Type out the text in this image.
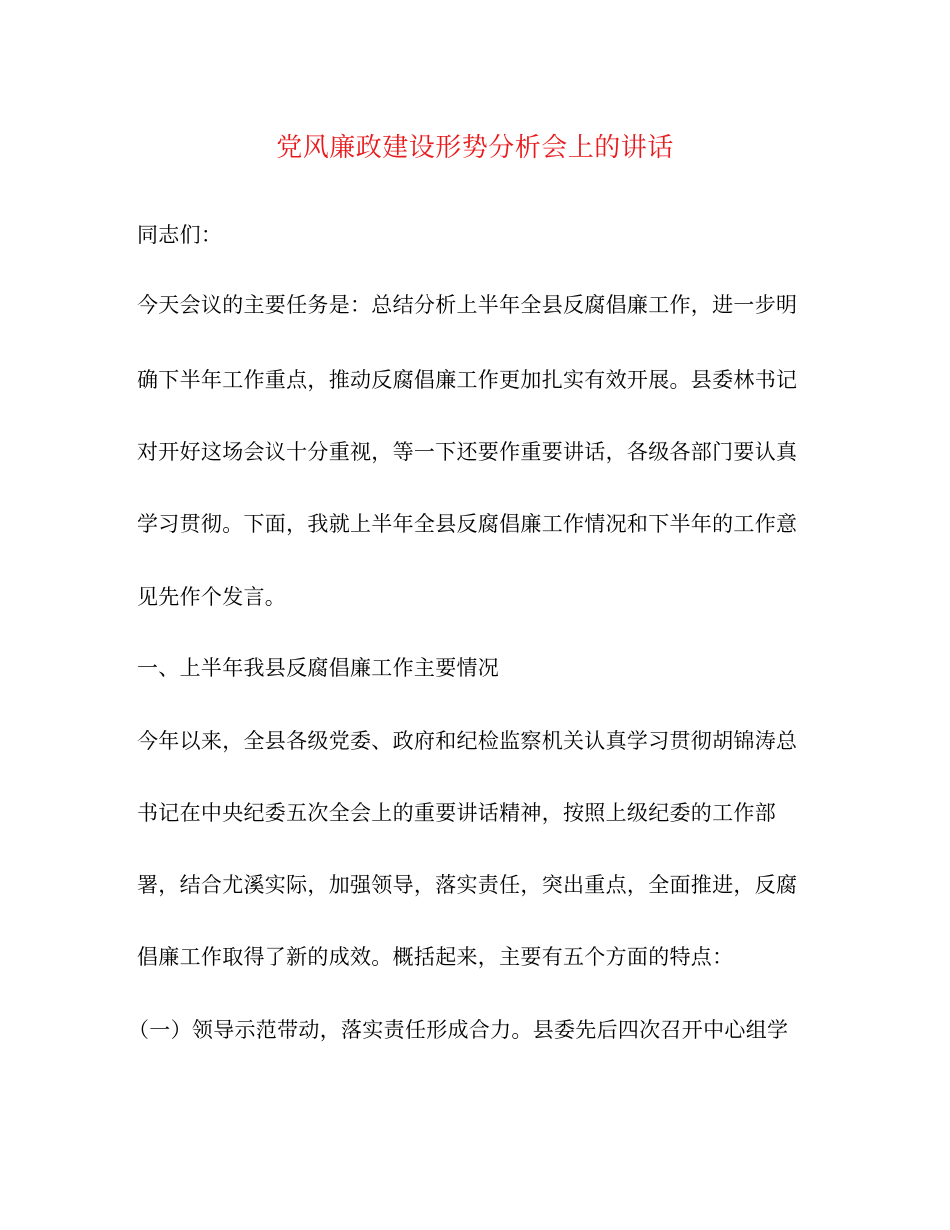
党风廉政建设形势分析会上的讲话

同志们：

今天会议的主要任务是：总结分析上半年全县反腐倡廉工作，进一步明

确下半年工作重点，推动反腐倡廉工作更加扎实有效开展。县委林书记

对开好这场会议十分重视，等一下还要作重要讲话，各级各部门要认真

学习贯彻。下面，我就上半年全县反腐倡廉工作情况和下半年的工作意

见先作个发言。

一、上半年我县反腐倡廉工作主要情况

今年以来，全县各级党委、政府和纪检监察机关认真学习贯彻胡锦涛总

书记在中央纪委五次全会上的重要讲话精神，按照上级纪委的工作部

署，结合尤溪实际，加强领导，落实责任，突出重点，全面推进，反腐

倡廉工作取得了新的成效。概括起来，主要有五个方面的特点：

（一）领导示范带动，落实责任形成合力。县委先后四次召开中心组学
